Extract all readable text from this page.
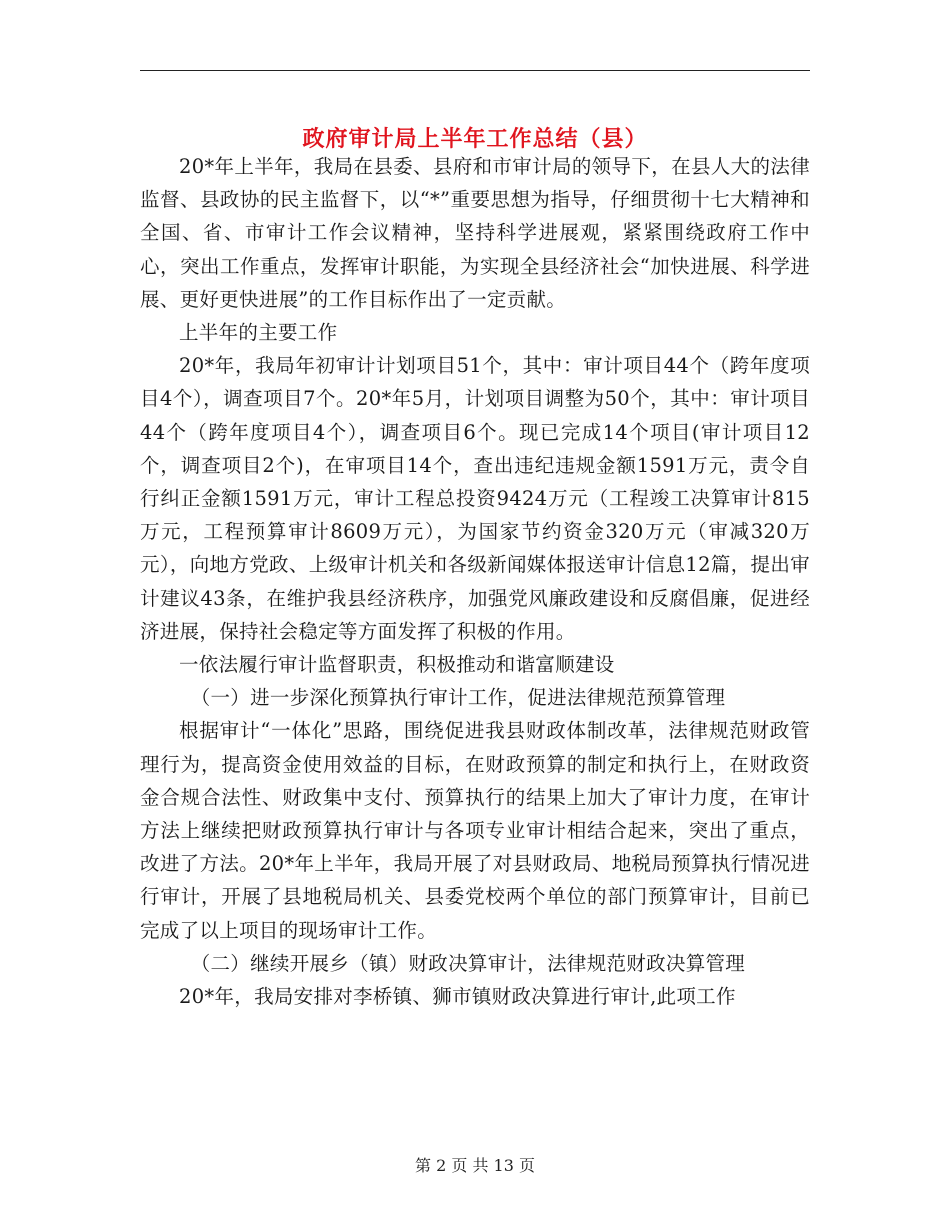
政府审计局上半年工作总结（县）

20*年上半年，我局在县委、县府和市审计局的领导下，在县人大的法律监督、县政协的民主监督下，以“*”重要思想为指导，仔细贯彻十七大精神和全国、省、市审计工作会议精神，坚持科学进展观，紧紧围绕政府工作中心，突出工作重点，发挥审计职能，为实现全县经济社会“加快进展、科学进展、更好更快进展”的工作目标作出了一定贡献。

上半年的主要工作

20*年，我局年初审计计划项目51个，其中：审计项目44个（跨年度项目4个），调查项目7个。20*年5月，计划项目调整为50个，其中：审计项目44个（跨年度项目4个），调查项目6个。现已完成14个项目(审计项目12个，调查项目2个)，在审项目14个，查出违纪违规金额1591万元，责令自行纠正金额1591万元，审计工程总投资9424万元（工程竣工决算审计815万元，工程预算审计8609万元），为国家节约资金320万元（审减320万元），向地方党政、上级审计机关和各级新闻媒体报送审计信息12篇，提出审计建议43条，在维护我县经济秩序，加强党风廉政建设和反腐倡廉，促进经济进展，保持社会稳定等方面发挥了积极的作用。

一依法履行审计监督职责，积极推动和谐富顺建设

（一）进一步深化预算执行审计工作，促进法律规范预算管理

根据审计“一体化”思路，围绕促进我县财政体制改革，法律规范财政管理行为，提高资金使用效益的目标，在财政预算的制定和执行上，在财政资金合规合法性、财政集中支付、预算执行的结果上加大了审计力度，在审计方法上继续把财政预算执行审计与各项专业审计相结合起来，突出了重点，改进了方法。20*年上半年，我局开展了对县财政局、地税局预算执行情况进行审计，开展了县地税局机关、县委党校两个单位的部门预算审计，目前已完成了以上项目的现场审计工作。

（二）继续开展乡（镇）财政决算审计，法律规范财政决算管理

20*年，我局安排对李桥镇、狮市镇财政决算进行审计,此项工作

第 2 页 共 13 页
